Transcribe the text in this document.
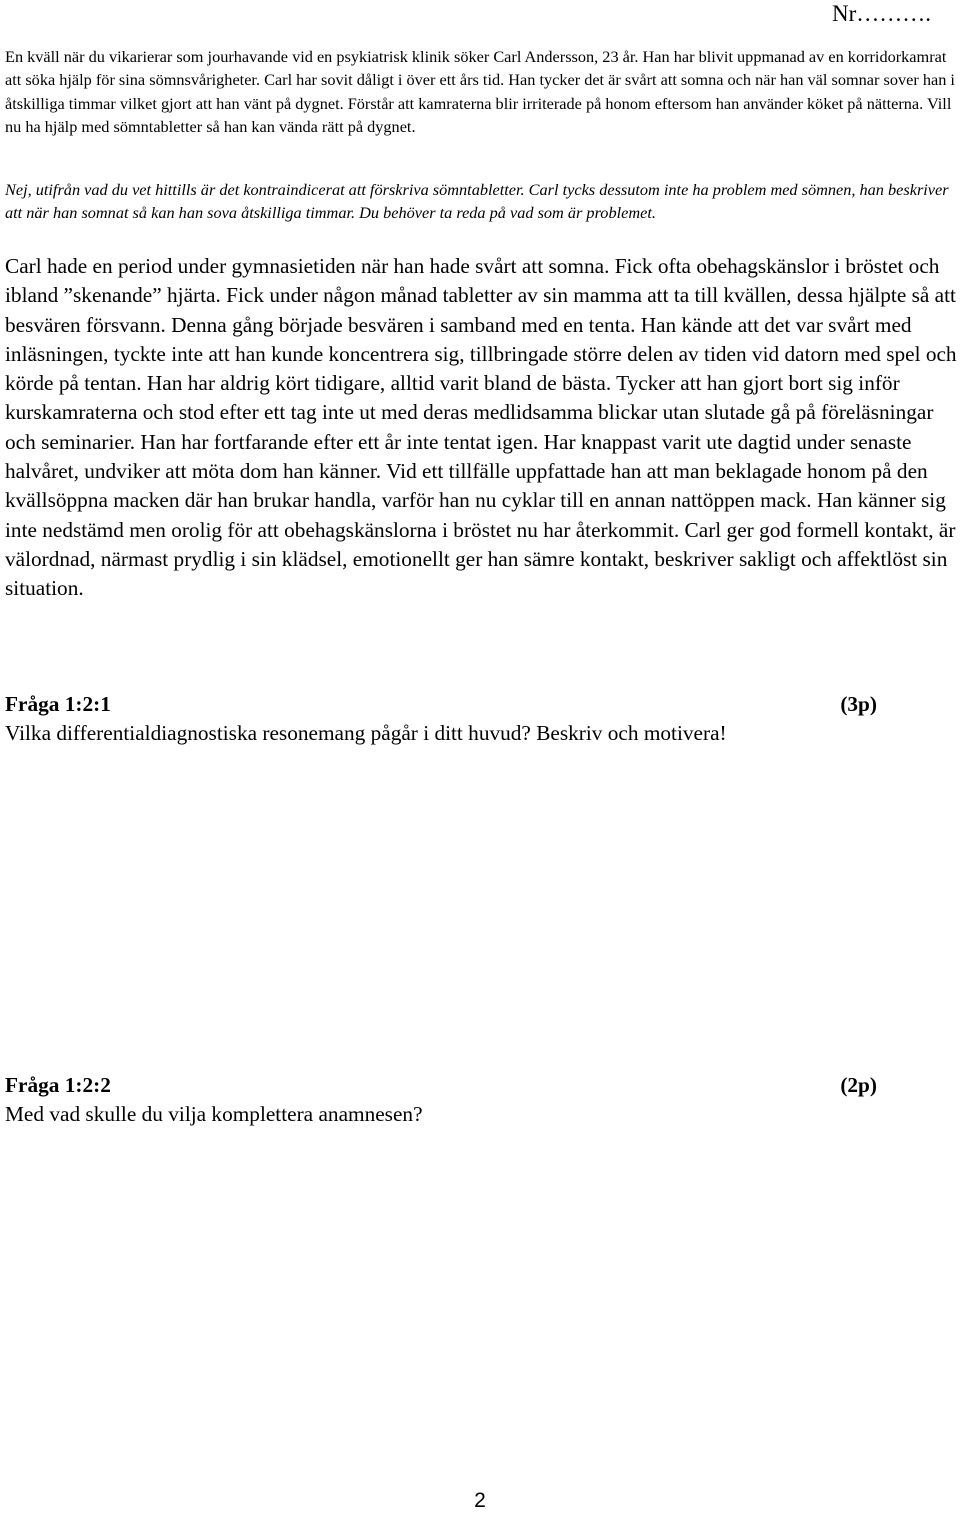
Nr……….

En kväll när du vikarierar som jourhavande vid en psykiatrisk klinik söker Carl Andersson, 23 år. Han har blivit uppmanad av en korridorkamrat att söka hjälp för sina sömnsvårigheter. Carl har sovit dåligt i över ett års tid. Han tycker det är svårt att somna och när han väl somnar sover han i åtskilliga timmar vilket gjort att han vänt på dygnet. Förstår att kamraterna blir irriterade på honom eftersom han använder köket på nätterna. Vill nu ha hjälp med sömntabletter så han kan vända rätt på dygnet.

Nej, utifrån vad du vet hittills är det kontraindicerat att förskriva sömntabletter. Carl tycks dessutom inte ha problem med sömnen, han beskriver att när han somnat så kan han sova åtskilliga timmar. Du behöver ta reda på vad som är problemet.

Carl hade en period under gymnasietiden när han hade svårt att somna. Fick ofta obehagskänslor i bröstet och ibland ”skenande” hjärta. Fick under någon månad tabletter av sin mamma att ta till kvällen, dessa hjälpte så att besvären försvann. Denna gång började besvären i samband med en tenta. Han kände att det var svårt med inläsningen, tyckte inte att han kunde koncentrera sig, tillbringade större delen av tiden vid datorn med spel och körde på tentan. Han har aldrig kört tidigare, alltid varit bland de bästa. Tycker att han gjort bort sig inför kurskamraterna och stod efter ett tag inte ut med deras medlidsamma blickar utan slutade gå på föreläsningar och seminarier. Han har fortfarande efter ett år inte tentat igen. Har knappast varit ute dagtid under senaste halvåret, undviker att möta dom han känner. Vid ett tillfälle uppfattade han att man beklagade honom på den kvällsöppna macken där han brukar handla, varför han nu cyklar till en annan nattöppen mack. Han känner sig inte nedstämd men orolig för att obehagskänslorna i bröstet nu har återkommit. Carl ger god formell kontakt, är välordnad, närmast prydlig i sin klädsel, emotionellt ger han sämre kontakt, beskriver sakligt och affektlöst sin situation.

Fråga 1:2:1	(3p)
Vilka differentialdiagnostiska resonemang pågår i ditt huvud? Beskriv och motivera!
Fråga 1:2:2	(2p)
Med vad skulle du vilja komplettera anamnesen?
2
